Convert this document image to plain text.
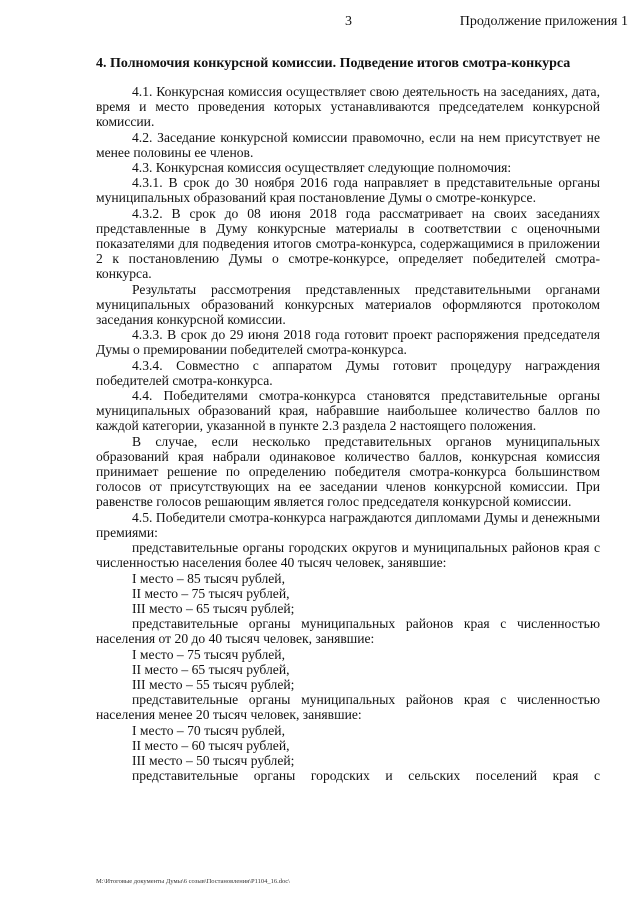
3	Продолжение приложения 1
4. Полномочия конкурсной комиссии. Подведение итогов смотра-конкурса

4.1. Конкурсная комиссия осуществляет свою деятельность на заседаниях, дата, время и место проведения которых устанавливаются председателем конкурсной комиссии.

4.2. Заседание конкурсной комиссии правомочно, если на нем присутствует не менее половины ее членов.

4.3. Конкурсная комиссия осуществляет следующие полномочия:

4.3.1. В срок до 30 ноября 2016 года направляет в представительные органы муниципальных образований края постановление Думы о смотре-конкурсе.

4.3.2. В срок до 08 июня 2018 года рассматривает на своих заседаниях представленные в Думу конкурсные материалы в соответствии с оценочными показателями для подведения итогов смотра-конкурса, содержащимися в приложении 2 к постановлению Думы о смотре-конкурсе, определяет победителей смотра-конкурса.

Результаты рассмотрения представленных представительными органами муниципальных образований конкурсных материалов оформляются протоколом заседания конкурсной комиссии.

4.3.3. В срок до 29 июня 2018 года готовит проект распоряжения председателя Думы о премировании победителей смотра-конкурса.

4.3.4. Совместно с аппаратом Думы готовит процедуру награждения победителей смотра-конкурса.

4.4. Победителями смотра-конкурса становятся представительные органы муниципальных образований края, набравшие наибольшее количество баллов по каждой категории, указанной в пункте 2.3 раздела 2 настоящего положения.

В случае, если несколько представительных органов муниципальных образований края набрали одинаковое количество баллов, конкурсная комиссия принимает решение по определению победителя смотра-конкурса большинством голосов от присутствующих на ее заседании членов конкурсной комиссии. При равенстве голосов решающим является голос председателя конкурсной комиссии.

4.5. Победители смотра-конкурса награждаются дипломами Думы и денежными премиями:

представительные органы городских округов и муниципальных районов края с численностью населения более 40 тысяч человек, занявшие:

I место – 85 тысяч рублей,

II место – 75 тысяч рублей,

III место – 65 тысяч рублей;

представительные органы муниципальных районов края с численностью населения от 20 до 40 тысяч человек, занявшие:

I место – 75 тысяч рублей,

II место – 65 тысяч рублей,

III место – 55 тысяч рублей;

представительные органы муниципальных районов края с численностью населения менее 20 тысяч человек, занявшие:

I место – 70 тысяч рублей,

II место – 60 тысяч рублей,

III место – 50 тысяч рублей;

представительные органы городских и сельских поселений края с

M:\Итоговые документы Думы\6 созыв\Постановления\P1104_16.doc\
